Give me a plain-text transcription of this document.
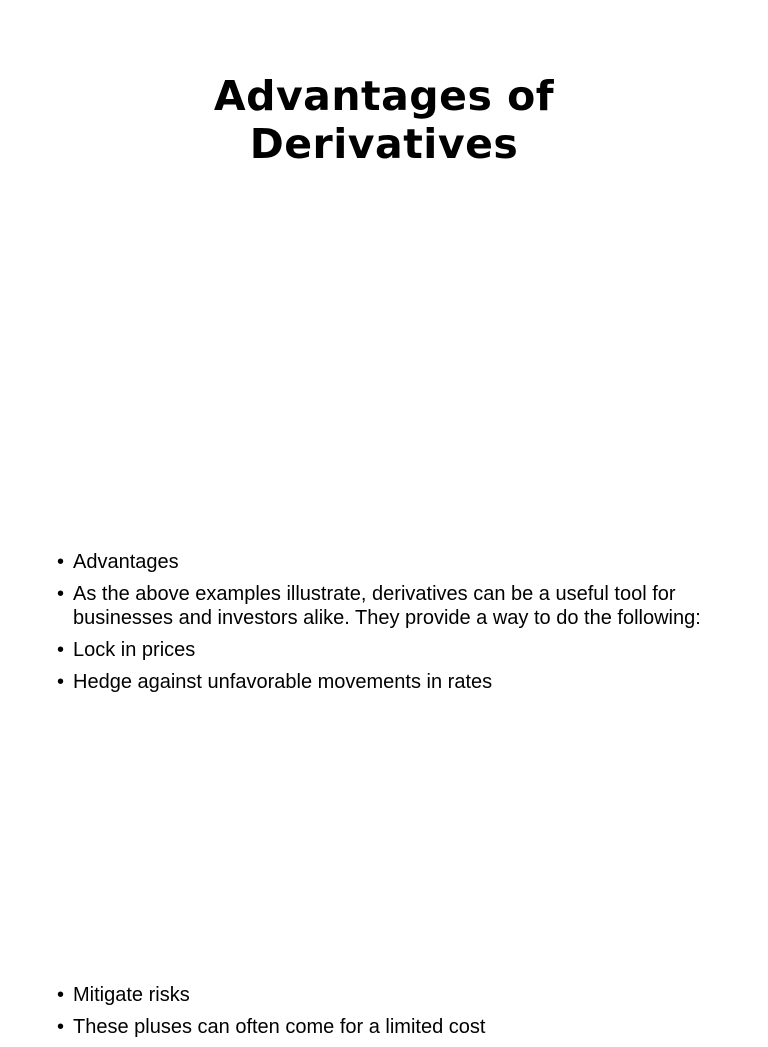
Advantages of
Derivatives
• Advantages
• As the above examples illustrate, derivatives can be a useful tool for businesses and investors alike. They provide a way to do the following:
• Lock in prices
• Hedge against unfavorable movements in rates
• Mitigate risks
• These pluses can often come for a limited cost
